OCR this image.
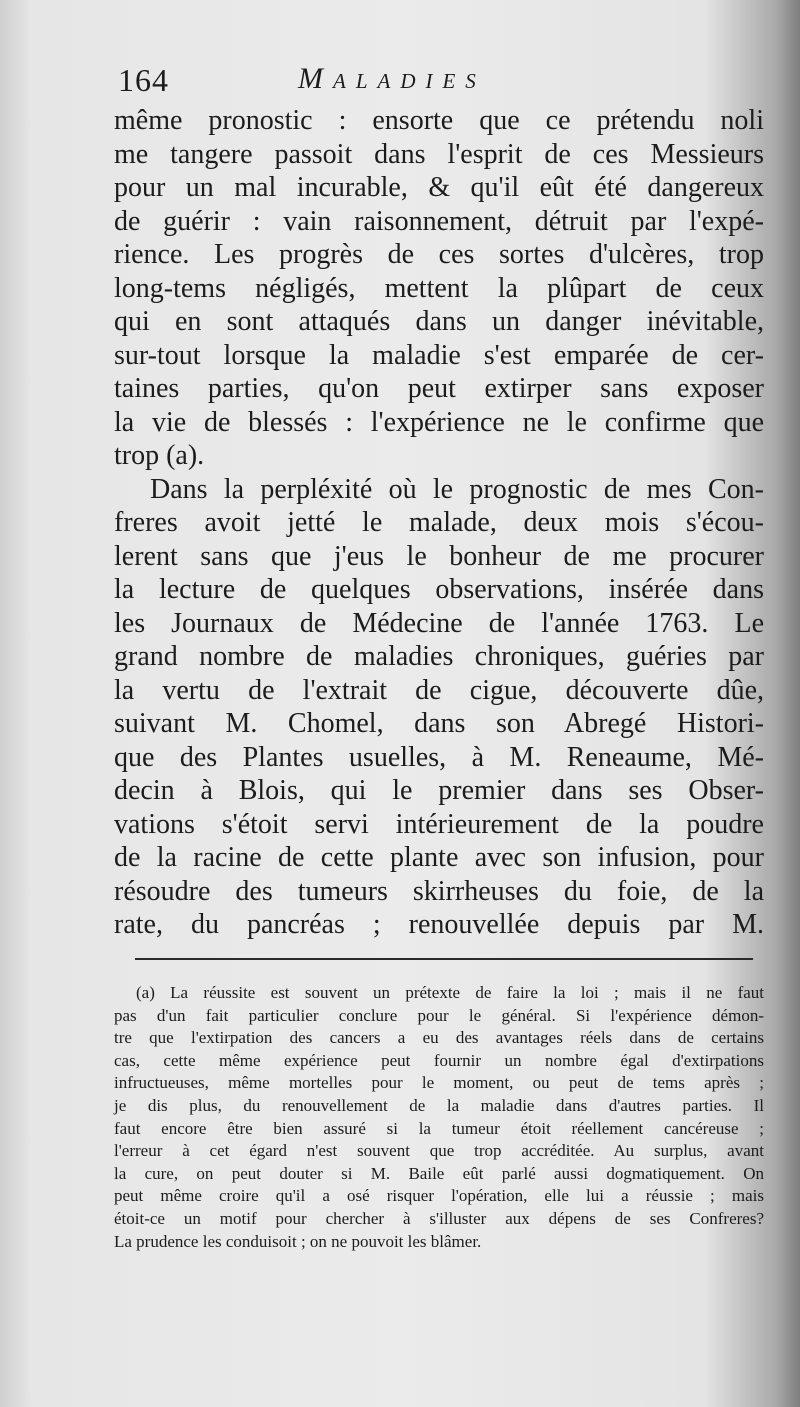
164	Maladies
même pronostic : ensorte que ce prétendu noli
me tangere passoit dans l'esprit de ces Messieurs
pour un mal incurable, & qu'il eût été dangereux
de guérir : vain raisonnement, détruit par l'expé-
rience. Les progrès de ces sortes d'ulcères, trop
long-tems négligés, mettent la plûpart de ceux
qui en sont attaqués dans un danger inévitable,
sur-tout lorsque la maladie s'est emparée de cer-
taines parties, qu'on peut extirper sans exposer
la vie de blessés : l'expérience ne le confirme que
trop (a).
Dans la perpléxité où le prognostic de mes Con-
freres avoit jetté le malade, deux mois s'écou-
lerent sans que j'eus le bonheur de me procurer
la lecture de quelques observations, insérée dans
les Journaux de Médecine de l'année 1763. Le
grand nombre de maladies chroniques, guéries par
la vertu de l'extrait de cigue, découverte dûe,
suivant M. Chomel, dans son Abregé Histori-
que des Plantes usuelles, à M. Reneaume, Mé-
decin à Blois, qui le premier dans ses Obser-
vations s'étoit servi intérieurement de la poudre
de la racine de cette plante avec son infusion, pour
résoudre des tumeurs skirrheuses du foie, de la
rate, du pancréas ; renouvellée depuis par M.
(a) La réussite est souvent un prétexte de faire la loi ; mais il ne faut
pas d'un fait particulier conclure pour le général. Si l'expérience démon-
tre que l'extirpation des cancers a eu des avantages réels dans de certains
cas, cette même expérience peut fournir un nombre égal d'extirpations
infructueuses, même mortelles pour le moment, ou peut de tems après ;
je dis plus, du renouvellement de la maladie dans d'autres parties. Il
faut encore être bien assuré si la tumeur étoit réellement cancéreuse ;
l'erreur à cet égard n'est souvent que trop accréditée. Au surplus, avant
la cure, on peut douter si M. Baile eût parlé aussi dogmatiquement. On
peut même croire qu'il a osé risquer l'opération, elle lui a réussie ; mais
étoit-ce un motif pour chercher à s'illuster aux dépens de ses Confreres?
La prudence les conduisoit ; on ne pouvoit les blâmer.
